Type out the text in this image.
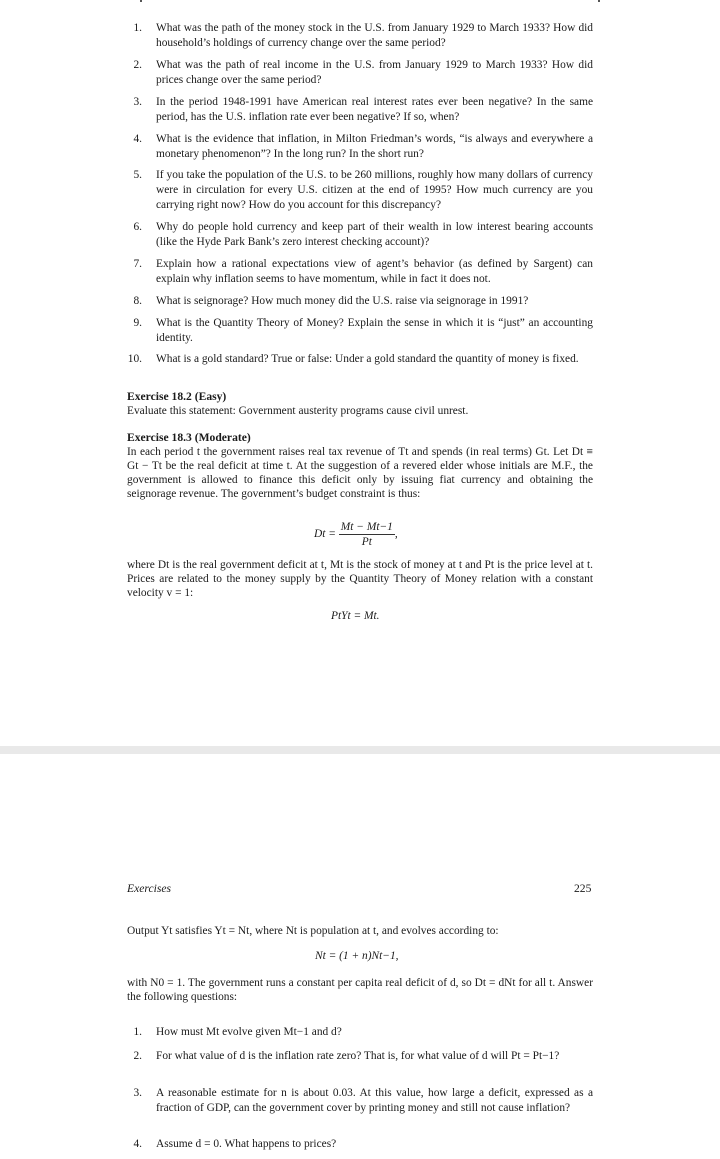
1. What was the path of the money stock in the U.S. from January 1929 to March 1933? How did household’s holdings of currency change over the same period?
2. What was the path of real income in the U.S. from January 1929 to March 1933? How did prices change over the same period?
3. In the period 1948-1991 have American real interest rates ever been negative? In the same period, has the U.S. inflation rate ever been negative? If so, when?
4. What is the evidence that inflation, in Milton Friedman’s words, “is always and everywhere a monetary phenomenon”? In the long run? In the short run?
5. If you take the population of the U.S. to be 260 millions, roughly how many dollars of currency were in circulation for every U.S. citizen at the end of 1995? How much currency are you carrying right now? How do you account for this discrepancy?
6. Why do people hold currency and keep part of their wealth in low interest bearing accounts (like the Hyde Park Bank’s zero interest checking account)?
7. Explain how a rational expectations view of agent’s behavior (as defined by Sargent) can explain why inflation seems to have momentum, while in fact it does not.
8. What is seignorage? How much money did the U.S. raise via seignorage in 1991?
9. What is the Quantity Theory of Money? Explain the sense in which it is “just” an accounting identity.
10. What is a gold standard? True or false: Under a gold standard the quantity of money is fixed.
Exercise 18.2 (Easy)
Evaluate this statement: Government austerity programs cause civil unrest.
Exercise 18.3 (Moderate)
In each period t the government raises real tax revenue of Tt and spends (in real terms) Gt. Let Dt ≡ Gt − Tt be the real deficit at time t. At the suggestion of a revered elder whose initials are M.F., the government is allowed to finance this deficit only by issuing fiat currency and obtaining the seignorage revenue. The government’s budget constraint is thus:
$Dt = \frac{Mt - Mt-1}{Pt}$ ,
where Dt is the real government deficit at t, Mt is the stock of money at t and Pt is the price level at t. Prices are related to the money supply by the Quantity Theory of Money relation with a constant velocity v = 1:
PtYt = Mt.
Exercises	225
Output Yt satisfies Yt = Nt, where Nt is population at t, and evolves according to:
Nt = (1 + n)Nt−1,
with N0 = 1. The government runs a constant per capita real deficit of d, so Dt = dNt for all t. Answer the following questions:
1. How must Mt evolve given Mt−1 and d?
2. For what value of d is the inflation rate zero? That is, for what value of d will Pt = Pt−1?
3. A reasonable estimate for n is about 0.03. At this value, how large a deficit, expressed as a fraction of GDP, can the government cover by printing money and still not cause inflation?
4. Assume d = 0. What happens to prices?
